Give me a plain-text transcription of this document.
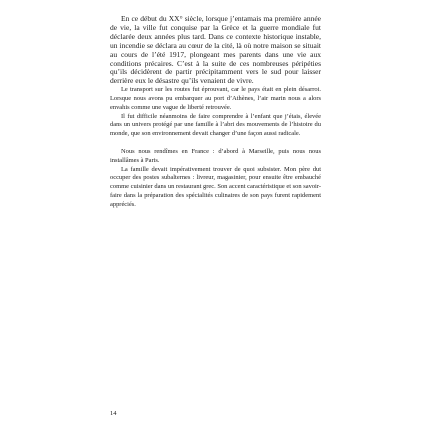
En ce début du XX° siècle, lorsque j’entamais ma première année de vie, la ville fut conquise par la Grèce et la guerre mondiale fut déclarée deux années plus tard. Dans ce contexte historique instable, un incendie se déclara au cœur de la cité, là où notre maison se situait au cours de l’été 1917, plongeant mes parents dans une vie aux conditions précaires. C’est à la suite de ces nombreuses péripéties qu’ils décidèrent de partir précipitamment vers le sud pour laisser derrière eux le désastre qu’ils venaient de vivre.

Le transport sur les routes fut éprouvant, car le pays était en plein désarroi. Lorsque nous avons pu embarquer au port d’Athènes, l’air marin nous a alors envahis comme une vague de liberté retrouvée.

Il fut difficile néanmoins de faire comprendre à l’enfant que j’étais, élevée dans un univers protégé par une famille à l’abri des mouvements de l’histoire du monde, que son environnement devait changer d’une façon aussi radicale.

Nous nous rendîmes en France : d’abord à Marseille, puis nous nous installâmes à Paris.

La famille devait impérativement trouver de quoi subsister. Mon père dut occuper des postes subalternes : livreur, magasinier, pour ensuite être embauché comme cuisinier dans un restaurant grec. Son accent caractéristique et son savoir-faire dans la préparation des spécialités culinaires de son pays furent rapidement appréciés.

14
